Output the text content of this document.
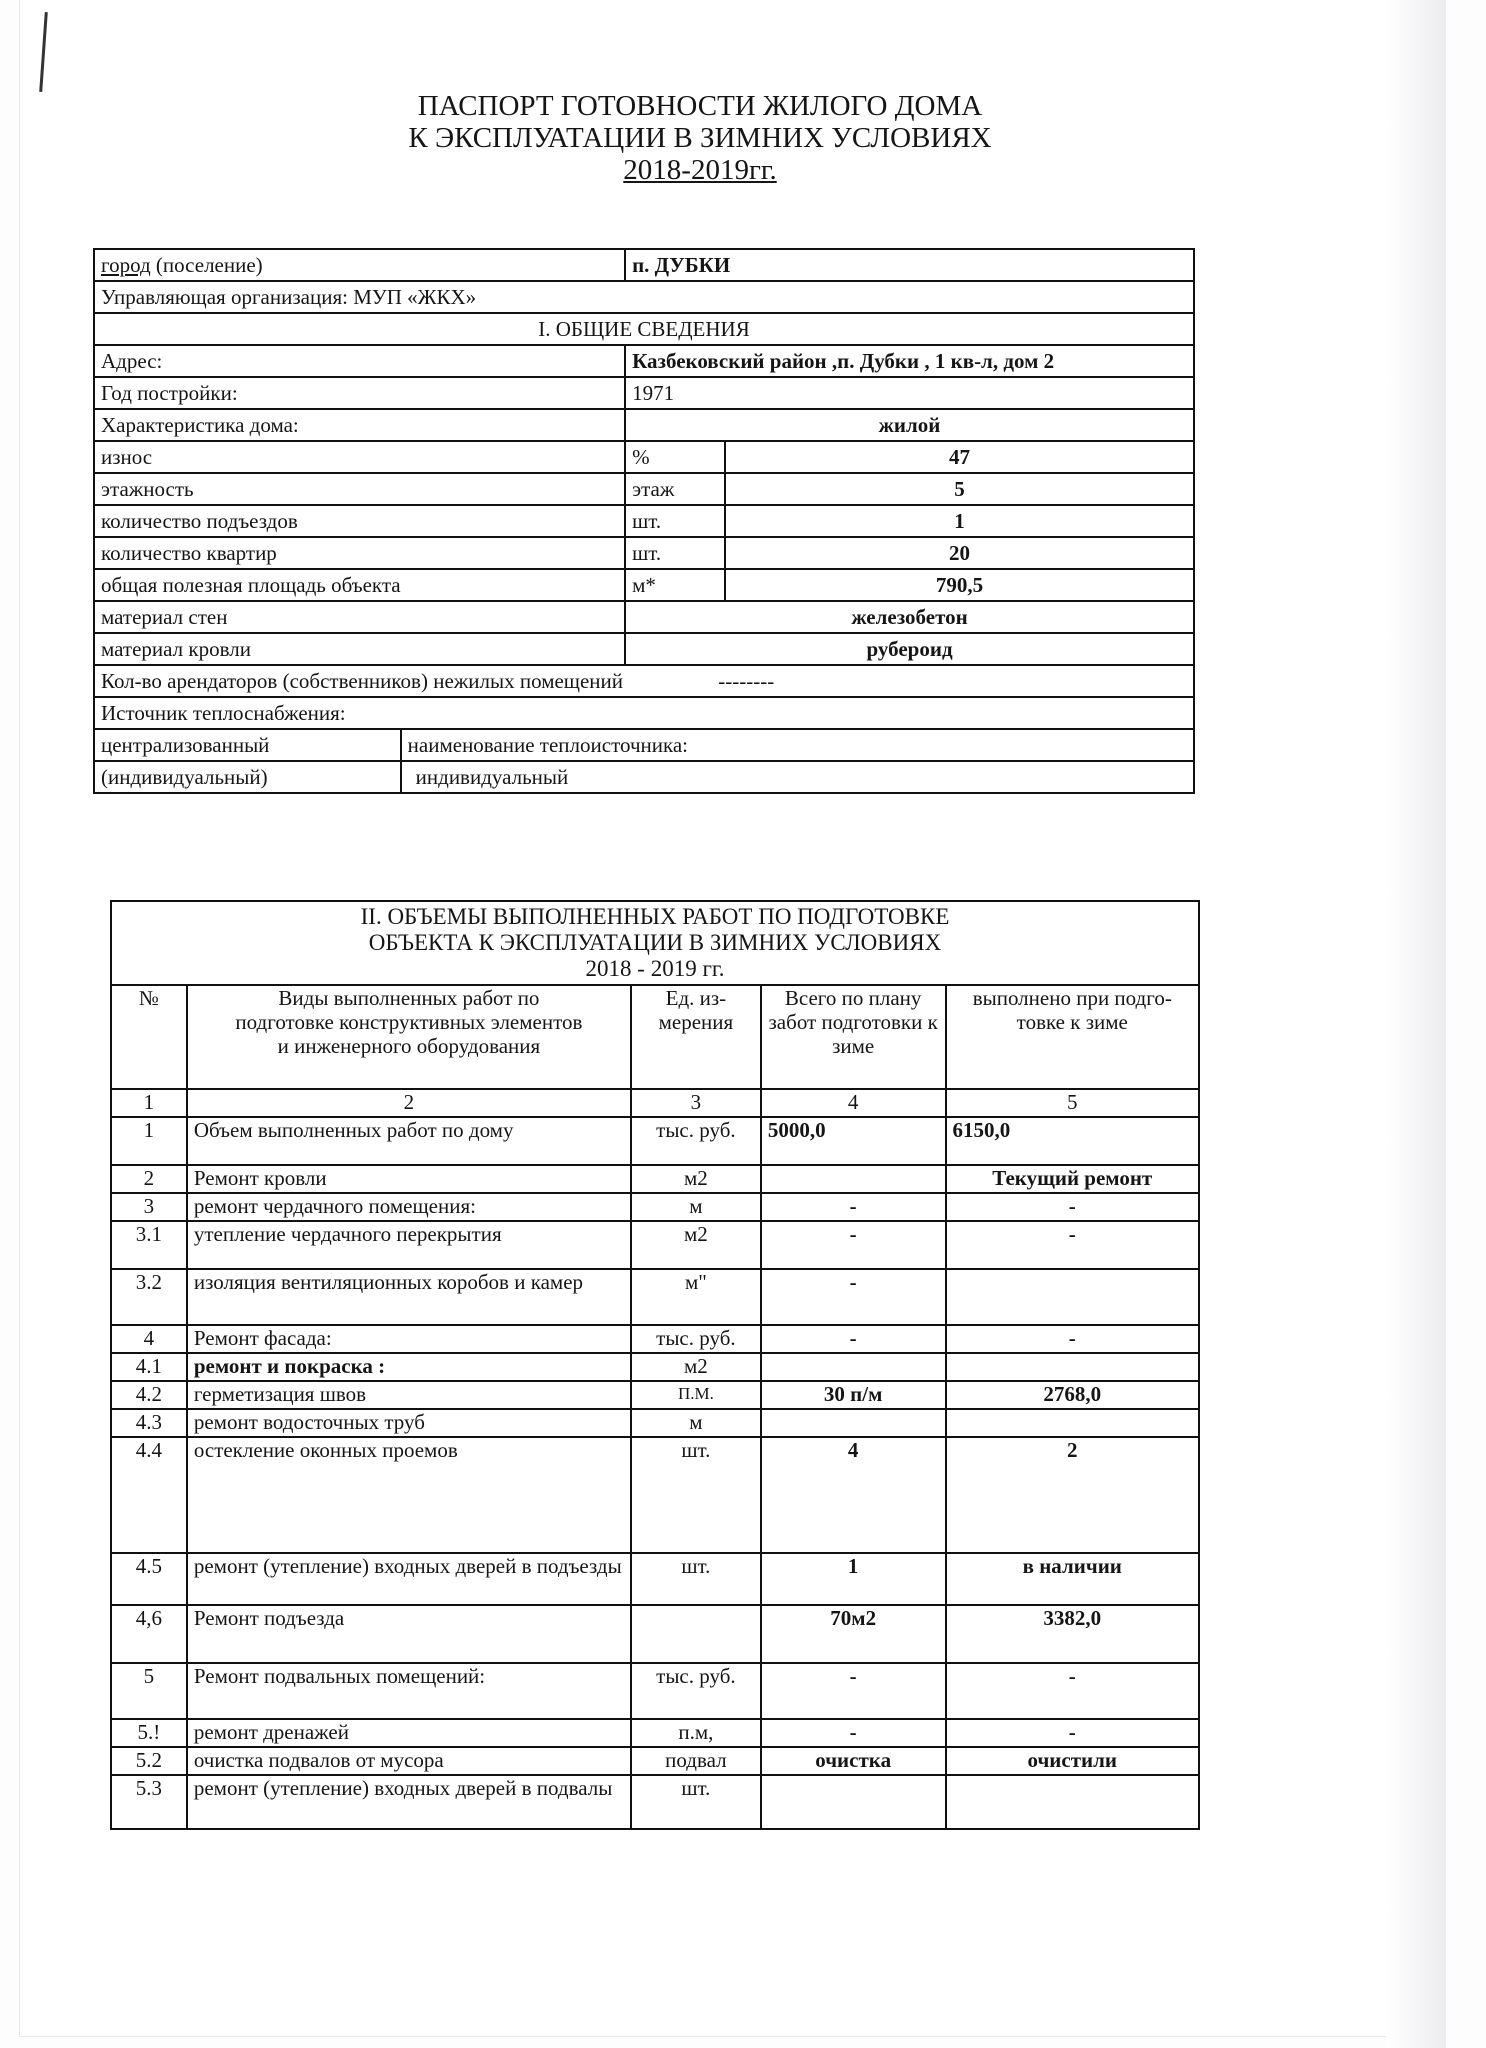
ПАСПОРТ ГОТОВНОСТИ ЖИЛОГО ДОМА
К ЭКСПЛУАТАЦИИ В ЗИМНИХ УСЛОВИЯХ
2018-2019гг.
город (поселение)		п. ДУБКИ	
Управляющая организация: МУП «ЖКХ»			
I. ОБЩИЕ СВЕДЕНИЯ			
Адрес:		Казбековский район ,п. Дубки , 1 кв-л, дом 2	
Год постройки:		1971	
Характеристика дома:		жилой	
износ		%	47
этажность		этаж	5
количество подъездов		шт.	1
количество квартир		шт.	20
общая полезная площадь объекта		м*	790,5
материал стен		железобетон	
материал кровли		рубероид	
Кол-во арендаторов (собственников) нежилых помещений --------			
Источник теплоснабжения:			
централизованный	наименование теплоисточника:		
(индивидуальный)	индивидуальный		
II. ОБЪЕМЫ ВЫПОЛНЕННЫХ РАБОТ ПО ПОДГОТОВКЕ
ОБЪЕКТА К ЭКСПЛУАТАЦИИ В ЗИМНИХ УСЛОВИЯХ
2018 - 2019 гг.				

№	Виды выполненных работ по подготовке конструктивных элементов и инженерного оборудования	Ед. из-мерения	Всего по плану забот подготовки к зиме	выполнено при подго-товке к зиме
1	2	3	4	5
1	Объем выполненных работ по дому	тыс. руб.	5000,0	6150,0
2	Ремонт кровли	м2		Текущий ремонт
3	ремонт чердачного помещения:	м	-	-
3.1	утепление чердачного перекрытия	м2	-	-
3.2	изоляция вентиляционных коробов и камер	м"	-	
4	Ремонт фасада:	тыс. руб.	-	-
4.1	ремонт и покраска :	м2		
4.2	герметизация швов	П.М.	30 п/м	2768,0
4.3	ремонт водосточных труб	м		
4.4	остекление оконных проемов	шт.	4	2
4.5	ремонт (утепление) входных дверей в подъезды	шт.	1	в наличии
4,6	Ремонт подъезда		70м2	3382,0
5	Ремонт подвальных помещений:	тыс. руб.	-	-
5.!	ремонт дренажей	п.м,	-	-
5.2	очистка подвалов от мусора	подвал	очистка	очистили
5.3	ремонт (утепление) входных дверей в подвалы	шт.		
